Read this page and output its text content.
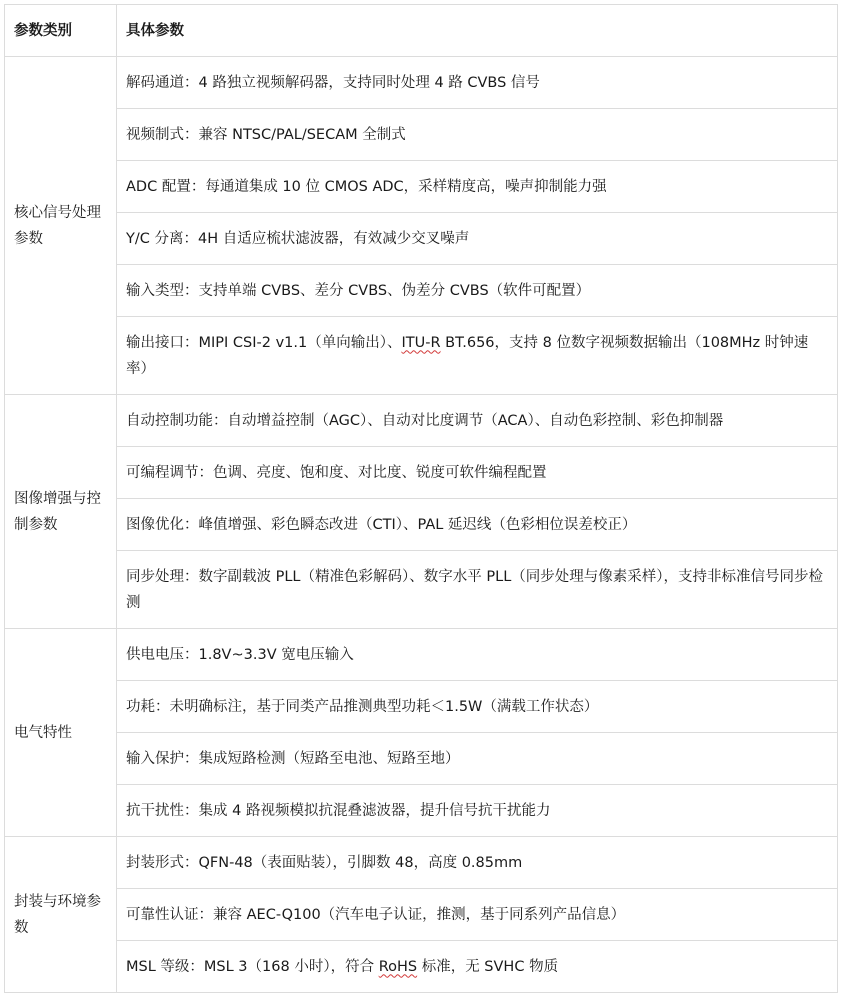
参数类别	具体参数
核心信号处理参数	解码通道：4 路独立视频解码器，支持同时处理 4 路 CVBS 信号
	视频制式：兼容 NTSC/PAL/SECAM 全制式
	ADC 配置：每通道集成 10 位 CMOS ADC，采样精度高，噪声抑制能力强
	Y/C 分离：4H 自适应梳状滤波器，有效减少交叉噪声
	输入类型：支持单端 CVBS、差分 CVBS、伪差分 CVBS（软件可配置）
	输出接口：MIPI CSI-2 v1.1（单向输出）、ITU-R BT.656，支持 8 位数字视频数据输出（108MHz 时钟速率）
图像增强与控制参数	自动控制功能：自动增益控制（AGC）、自动对比度调节（ACA）、自动色彩控制、彩色抑制器
	可编程调节：色调、亮度、饱和度、对比度、锐度可软件编程配置
	图像优化：峰值增强、彩色瞬态改进（CTI）、PAL 延迟线（色彩相位误差校正）
	同步处理：数字副载波 PLL（精准色彩解码）、数字水平 PLL（同步处理与像素采样），支持非标准信号同步检测
电气特性	供电电压：1.8V~3.3V 宽电压输入
	功耗：未明确标注，基于同类产品推测典型功耗＜1.5W（满载工作状态）
	输入保护：集成短路检测（短路至电池、短路至地）
	抗干扰性：集成 4 路视频模拟抗混叠滤波器，提升信号抗干扰能力
封装与环境参数	封装形式：QFN-48（表面贴装），引脚数 48，高度 0.85mm
	可靠性认证：兼容 AEC-Q100（汽车电子认证，推测，基于同系列产品信息）
	MSL 等级：MSL 3（168 小时），符合 RoHS 标准，无 SVHC 物质
